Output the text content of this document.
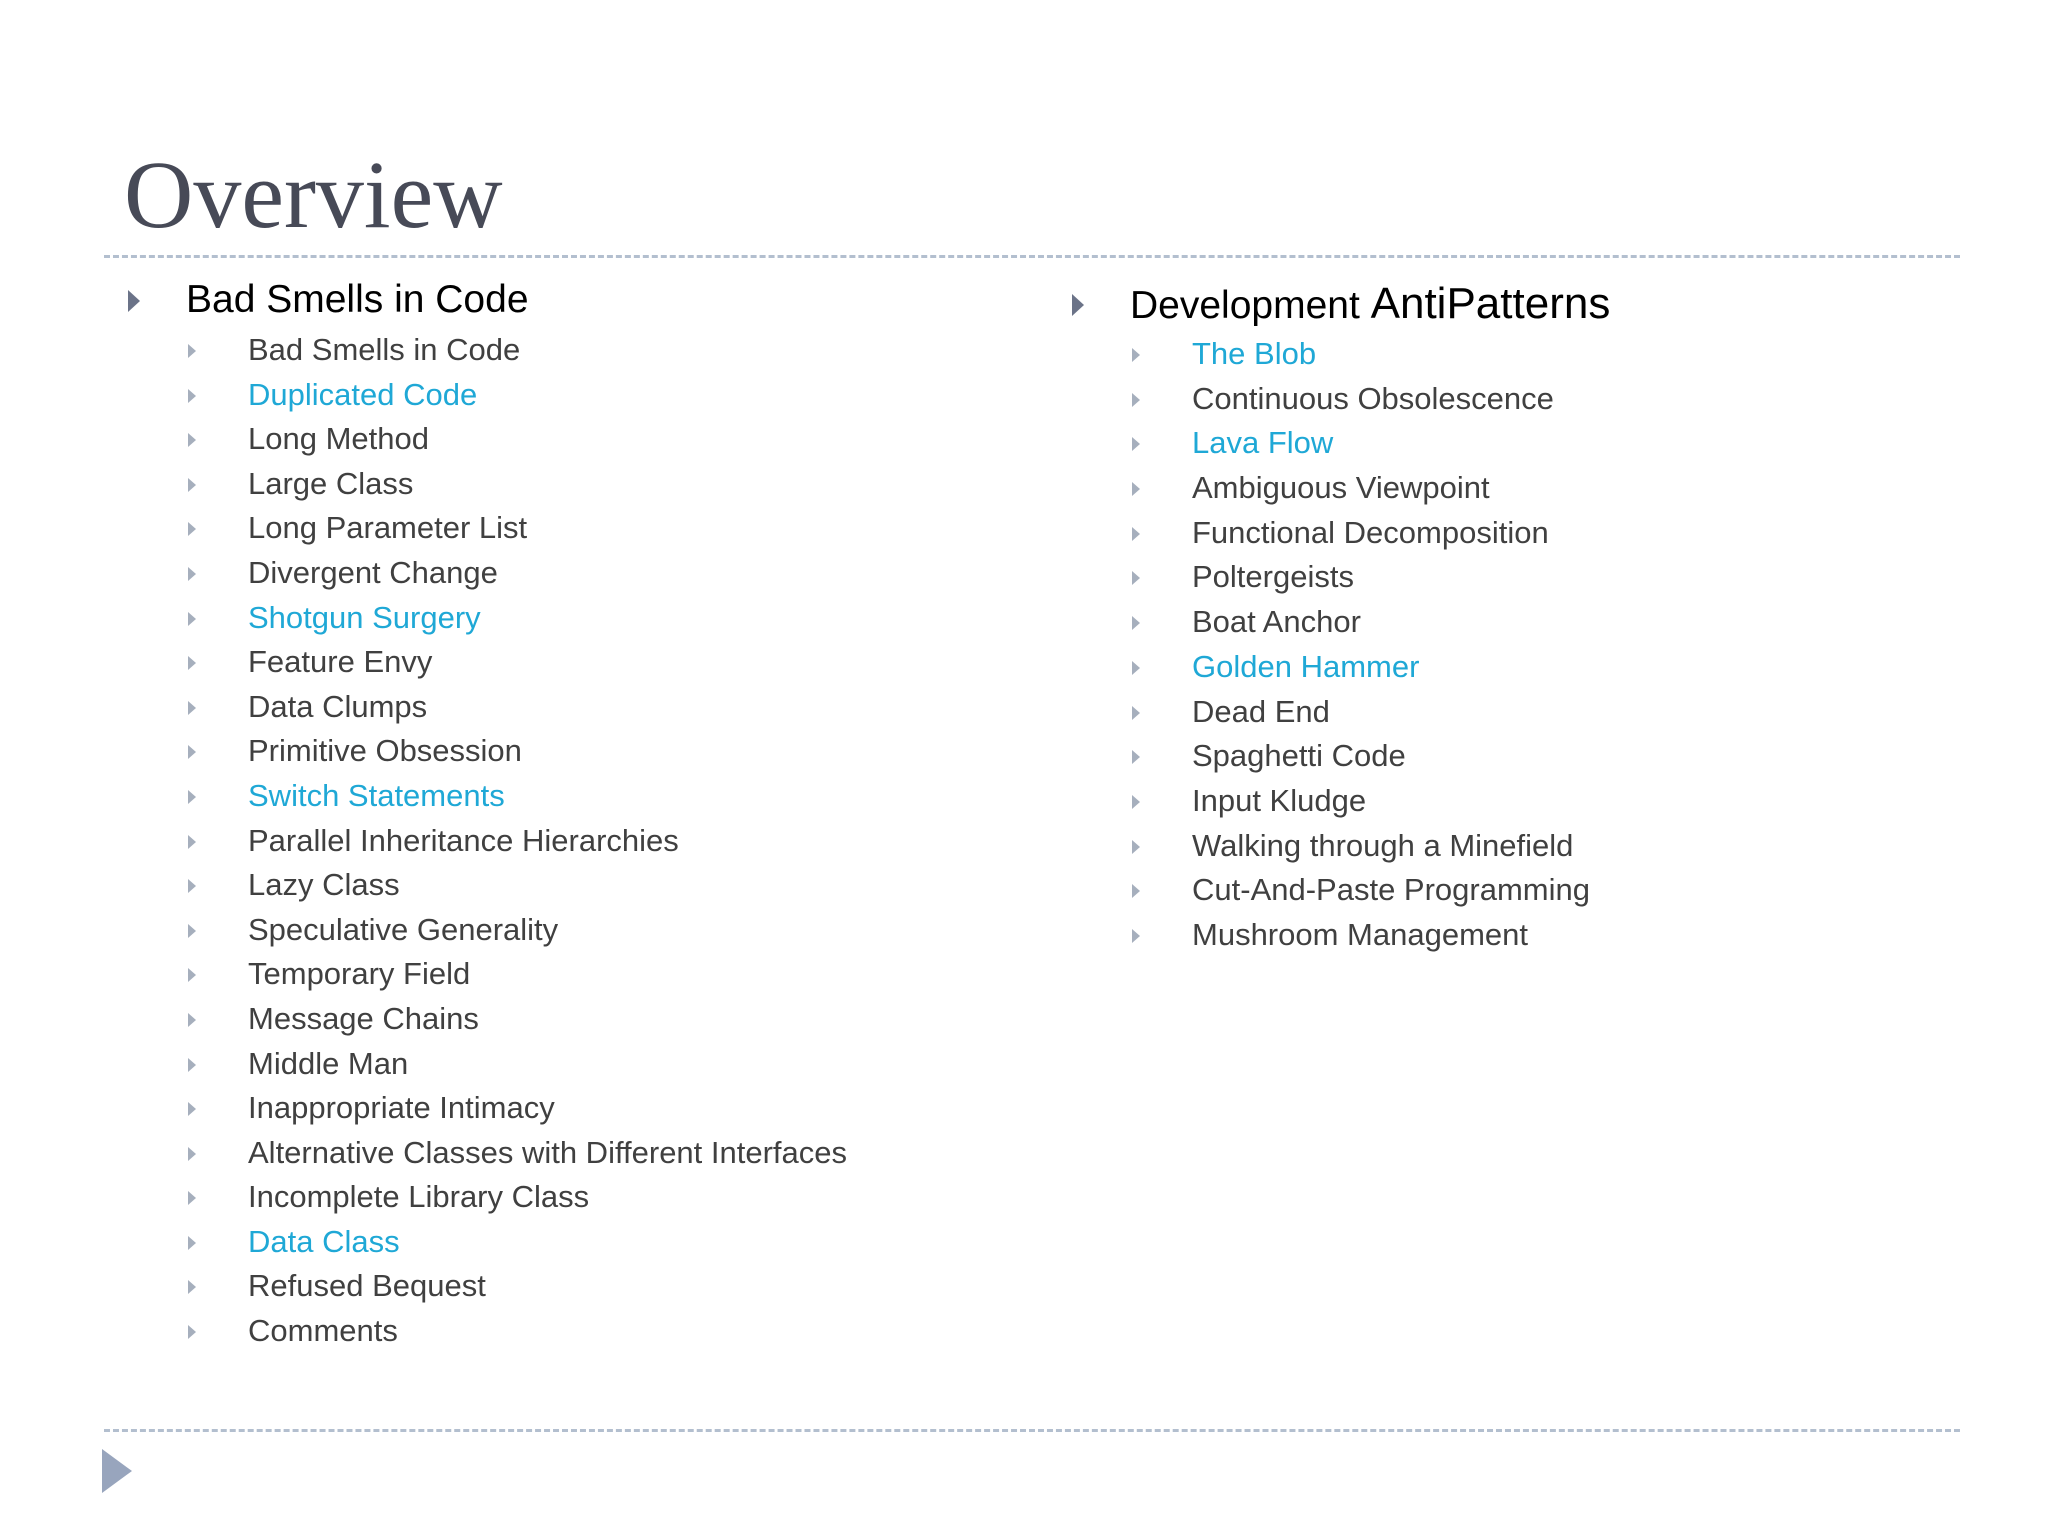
Overview
Bad Smells in Code
Bad Smells in Code
Duplicated Code
Long Method
Large Class
Long Parameter List
Divergent Change
Shotgun Surgery
Feature Envy
Data Clumps
Primitive Obsession
Switch Statements
Parallel Inheritance Hierarchies
Lazy Class
Speculative Generality
Temporary Field
Message Chains
Middle Man
Inappropriate Intimacy
Alternative Classes with Different Interfaces
Incomplete Library Class
Data Class
Refused Bequest
Comments
Development AntiPatterns
The Blob
Continuous Obsolescence
Lava Flow
Ambiguous Viewpoint
Functional Decomposition
Poltergeists
Boat Anchor
Golden Hammer
Dead End
Spaghetti Code
Input Kludge
Walking through a Minefield
Cut-And-Paste Programming
Mushroom Management
